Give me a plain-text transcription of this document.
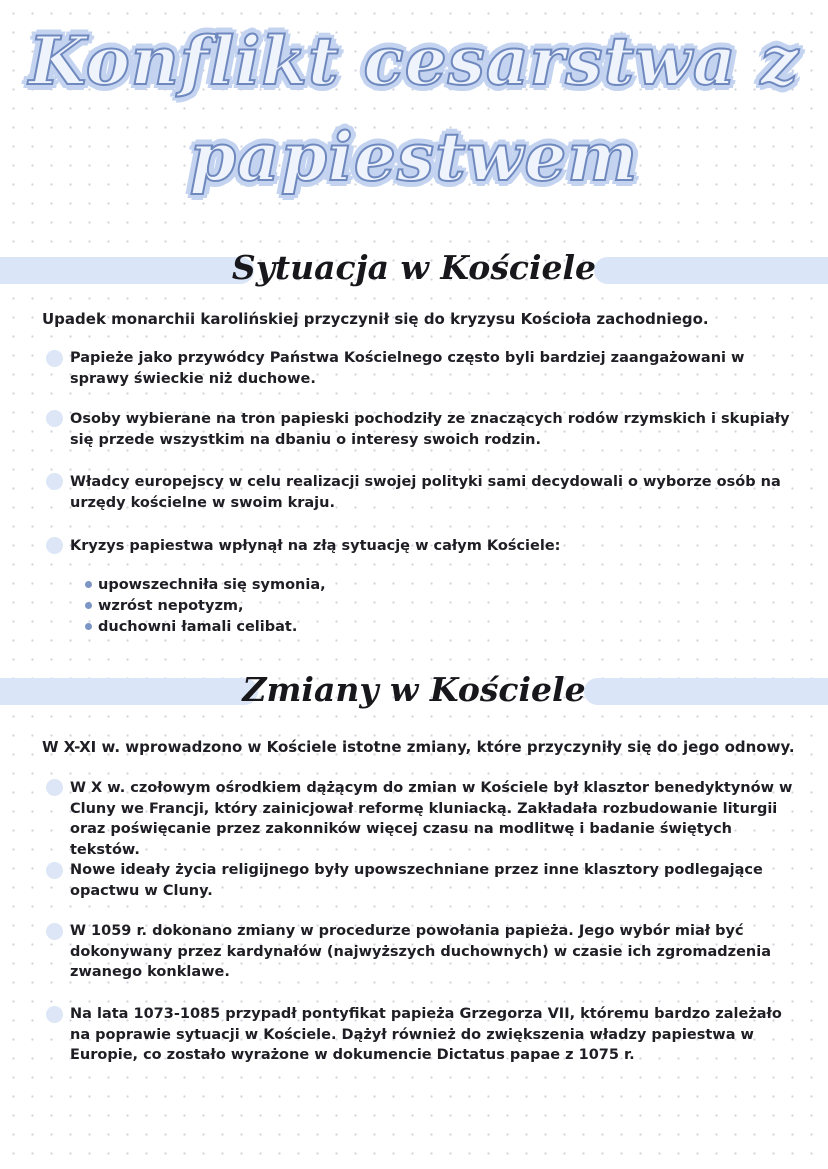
Konflikt cesarstwa z
papiestwem
Sytuacja w Kościele

Upadek monarchii karolińskiej przyczynił się do kryzysu Kościoła zachodniego.

Papieże jako przywódcy Państwa Kościelnego często byli bardziej zaangażowani w sprawy świeckie niż duchowe.

Osoby wybierane na tron papieski pochodziły ze znaczących rodów rzymskich i skupiały się przede wszystkim na dbaniu o interesy swoich rodzin.

Władcy europejscy w celu realizacji swojej polityki sami decydowali o wyborze osób na urzędy kościelne w swoim kraju.

Kryzys papiestwa wpłynął na złą sytuację w całym Kościele:

upowszechniła się symonia,

wzróst nepotyzm,

duchowni łamali celibat.

Zmiany w Kościele

W X-XI w. wprowadzono w Kościele istotne zmiany, które przyczyniły się do jego odnowy.

W X w. czołowym ośrodkiem dążącym do zmian w Kościele był klasztor benedyktynów w Cluny we Francji, który zainicjował reformę kluniacką. Zakładała rozbudowanie liturgii oraz poświęcanie przez zakonników więcej czasu na modlitwę i badanie świętych tekstów.

Nowe ideały życia religijnego były upowszechniane przez inne klasztory podlegające opactwu w Cluny.

W 1059 r. dokonano zmiany w procedurze powołania papieża. Jego wybór miał być dokonywany przez kardynałów (najwyższych duchownych) w czasie ich zgromadzenia zwanego konklawe.

Na lata 1073-1085 przypadł pontyfikat papieża Grzegorza VII, któremu bardzo zależało na poprawie sytuacji w Kościele. Dążył również do zwiększenia władzy papiestwa w Europie, co zostało wyrażone w dokumencie Dictatus papae z 1075 r.
